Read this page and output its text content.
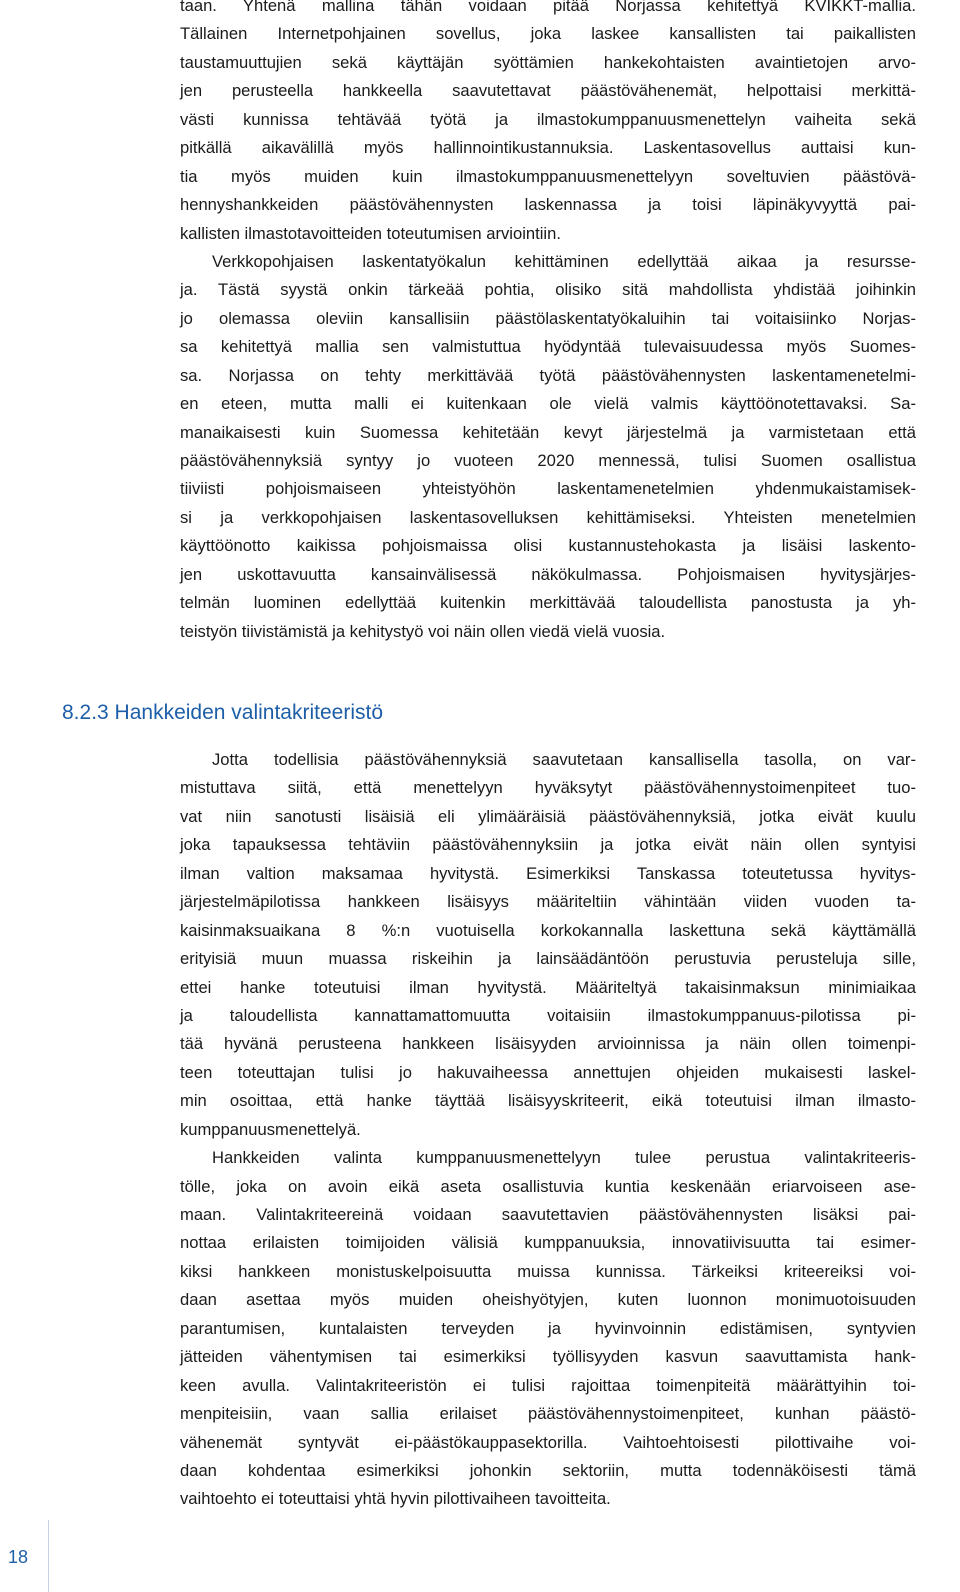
taan. Yhtenä mallina tähän voidaan pitää Norjassa kehitettyä KVIKKT-mallia.
Tällainen Internetpohjainen sovellus, joka laskee kansallisten tai paikallisten
taustamuuttujien sekä käyttäjän syöttämien hankekohtaisten avaintietojen arvo-
jen perusteella hankkeella saavutettavat päästövähenemät, helpottaisi merkittä-
västi kunnissa tehtävää työtä ja ilmastokumppanuusmenettelyn vaiheita sekä
pitkällä aikavälillä myös hallinnointikustannuksia. Laskentasovellus auttaisi kun-
tia myös muiden kuin ilmastokumppanuusmenettelyyn soveltuvien päästövä-
hennyshankkeiden päästövähennysten laskennassa ja toisi läpinäkyvyyttä pai-
kallisten ilmastotavoitteiden toteutumisen arviointiin.
Verkkopohjaisen laskentatyökalun kehittäminen edellyttää aikaa ja resursse-
ja. Tästä syystä onkin tärkeää pohtia, olisiko sitä mahdollista yhdistää joihinkin
jo olemassa oleviin kansallisiin päästölaskentatyökaluihin tai voitaisiinko Norjas-
sa kehitettyä mallia sen valmistuttua hyödyntää tulevaisuudessa myös Suomes-
sa. Norjassa on tehty merkittävää työtä päästövähennysten laskentamenetelmi-
en eteen, mutta malli ei kuitenkaan ole vielä valmis käyttöönotettavaksi. Sa-
manaikaisesti kuin Suomessa kehitetään kevyt järjestelmä ja varmistetaan että
päästövähennyksiä syntyy jo vuoteen 2020 mennessä, tulisi Suomen osallistua
tiiviisti pohjoismaiseen yhteistyöhön laskentamenetelmien yhdenmukaistamisek-
si ja verkkopohjaisen laskentasovelluksen kehittämiseksi. Yhteisten menetelmien
käyttöönotto kaikissa pohjoismaissa olisi kustannustehokasta ja lisäisi laskento-
jen uskottavuutta kansainvälisessä näkökulmassa. Pohjoismaisen hyvitysjärjes-
telmän luominen edellyttää kuitenkin merkittävää taloudellista panostusta ja yh-
teistyön tiivistämistä ja kehitystyö voi näin ollen viedä vielä vuosia.
8.2.3 Hankkeiden valintakriteeristö
Jotta todellisia päästövähennyksiä saavutetaan kansallisella tasolla, on var-
mistuttava siitä, että menettelyyn hyväksytyt päästövähennystoimenpiteet tuo-
vat niin sanotusti lisäisiä eli ylimääräisiä päästövähennyksiä, jotka eivät kuulu
joka tapauksessa tehtäviin päästövähennyksiin ja jotka eivät näin ollen syntyisi
ilman valtion maksamaa hyvitystä. Esimerkiksi Tanskassa toteutetussa hyvitys-
järjestelmäpilotissa hankkeen lisäisyys määriteltiin vähintään viiden vuoden ta-
kaisinmaksuaikana 8 %:n vuotuisella korkokannalla laskettuna sekä käyttämällä
erityisiä muun muassa riskeihin ja lainsäädäntöön perustuvia perusteluja sille,
ettei hanke toteutuisi ilman hyvitystä. Määriteltyä takaisinmaksun minimiaikaa
ja taloudellista kannattamattomuutta voitaisiin ilmastokumppanuus-pilotissa pi-
tää hyvänä perusteena hankkeen lisäisyyden arvioinnissa ja näin ollen toimenpi-
teen toteuttajan tulisi jo hakuvaiheessa annettujen ohjeiden mukaisesti laskel-
min osoittaa, että hanke täyttää lisäisyyskriteerit, eikä toteutuisi ilman ilmasto-
kumppanuusmenettelyä.
Hankkeiden valinta kumppanuusmenettelyyn tulee perustua valintakriteeris-
tölle, joka on avoin eikä aseta osallistuvia kuntia keskenään eriarvoiseen ase-
maan. Valintakriteereinä voidaan saavutettavien päästövähennysten lisäksi pai-
nottaa erilaisten toimijoiden välisiä kumppanuuksia, innovatiivisuutta tai esimer-
kiksi hankkeen monistuskelpoisuutta muissa kunnissa. Tärkeiksi kriteereiksi voi-
daan asettaa myös muiden oheishyötyjen, kuten luonnon monimuotoisuuden
parantumisen, kuntalaisten terveyden ja hyvinvoinnin edistämisen, syntyvien
jätteiden vähentymisen tai esimerkiksi työllisyyden kasvun saavuttamista hank-
keen avulla. Valintakriteeristön ei tulisi rajoittaa toimenpiteitä määrättyihin toi-
menpiteisiin, vaan sallia erilaiset päästövähennystoimenpiteet, kunhan päästö-
vähenemät syntyvät ei-päästökauppasektorilla. Vaihtoehtoisesti pilottivaihe voi-
daan kohdentaa esimerkiksi johonkin sektoriin, mutta todennäköisesti tämä
vaihtoehto ei toteuttaisi yhtä hyvin pilottivaiheen tavoitteita.
18
